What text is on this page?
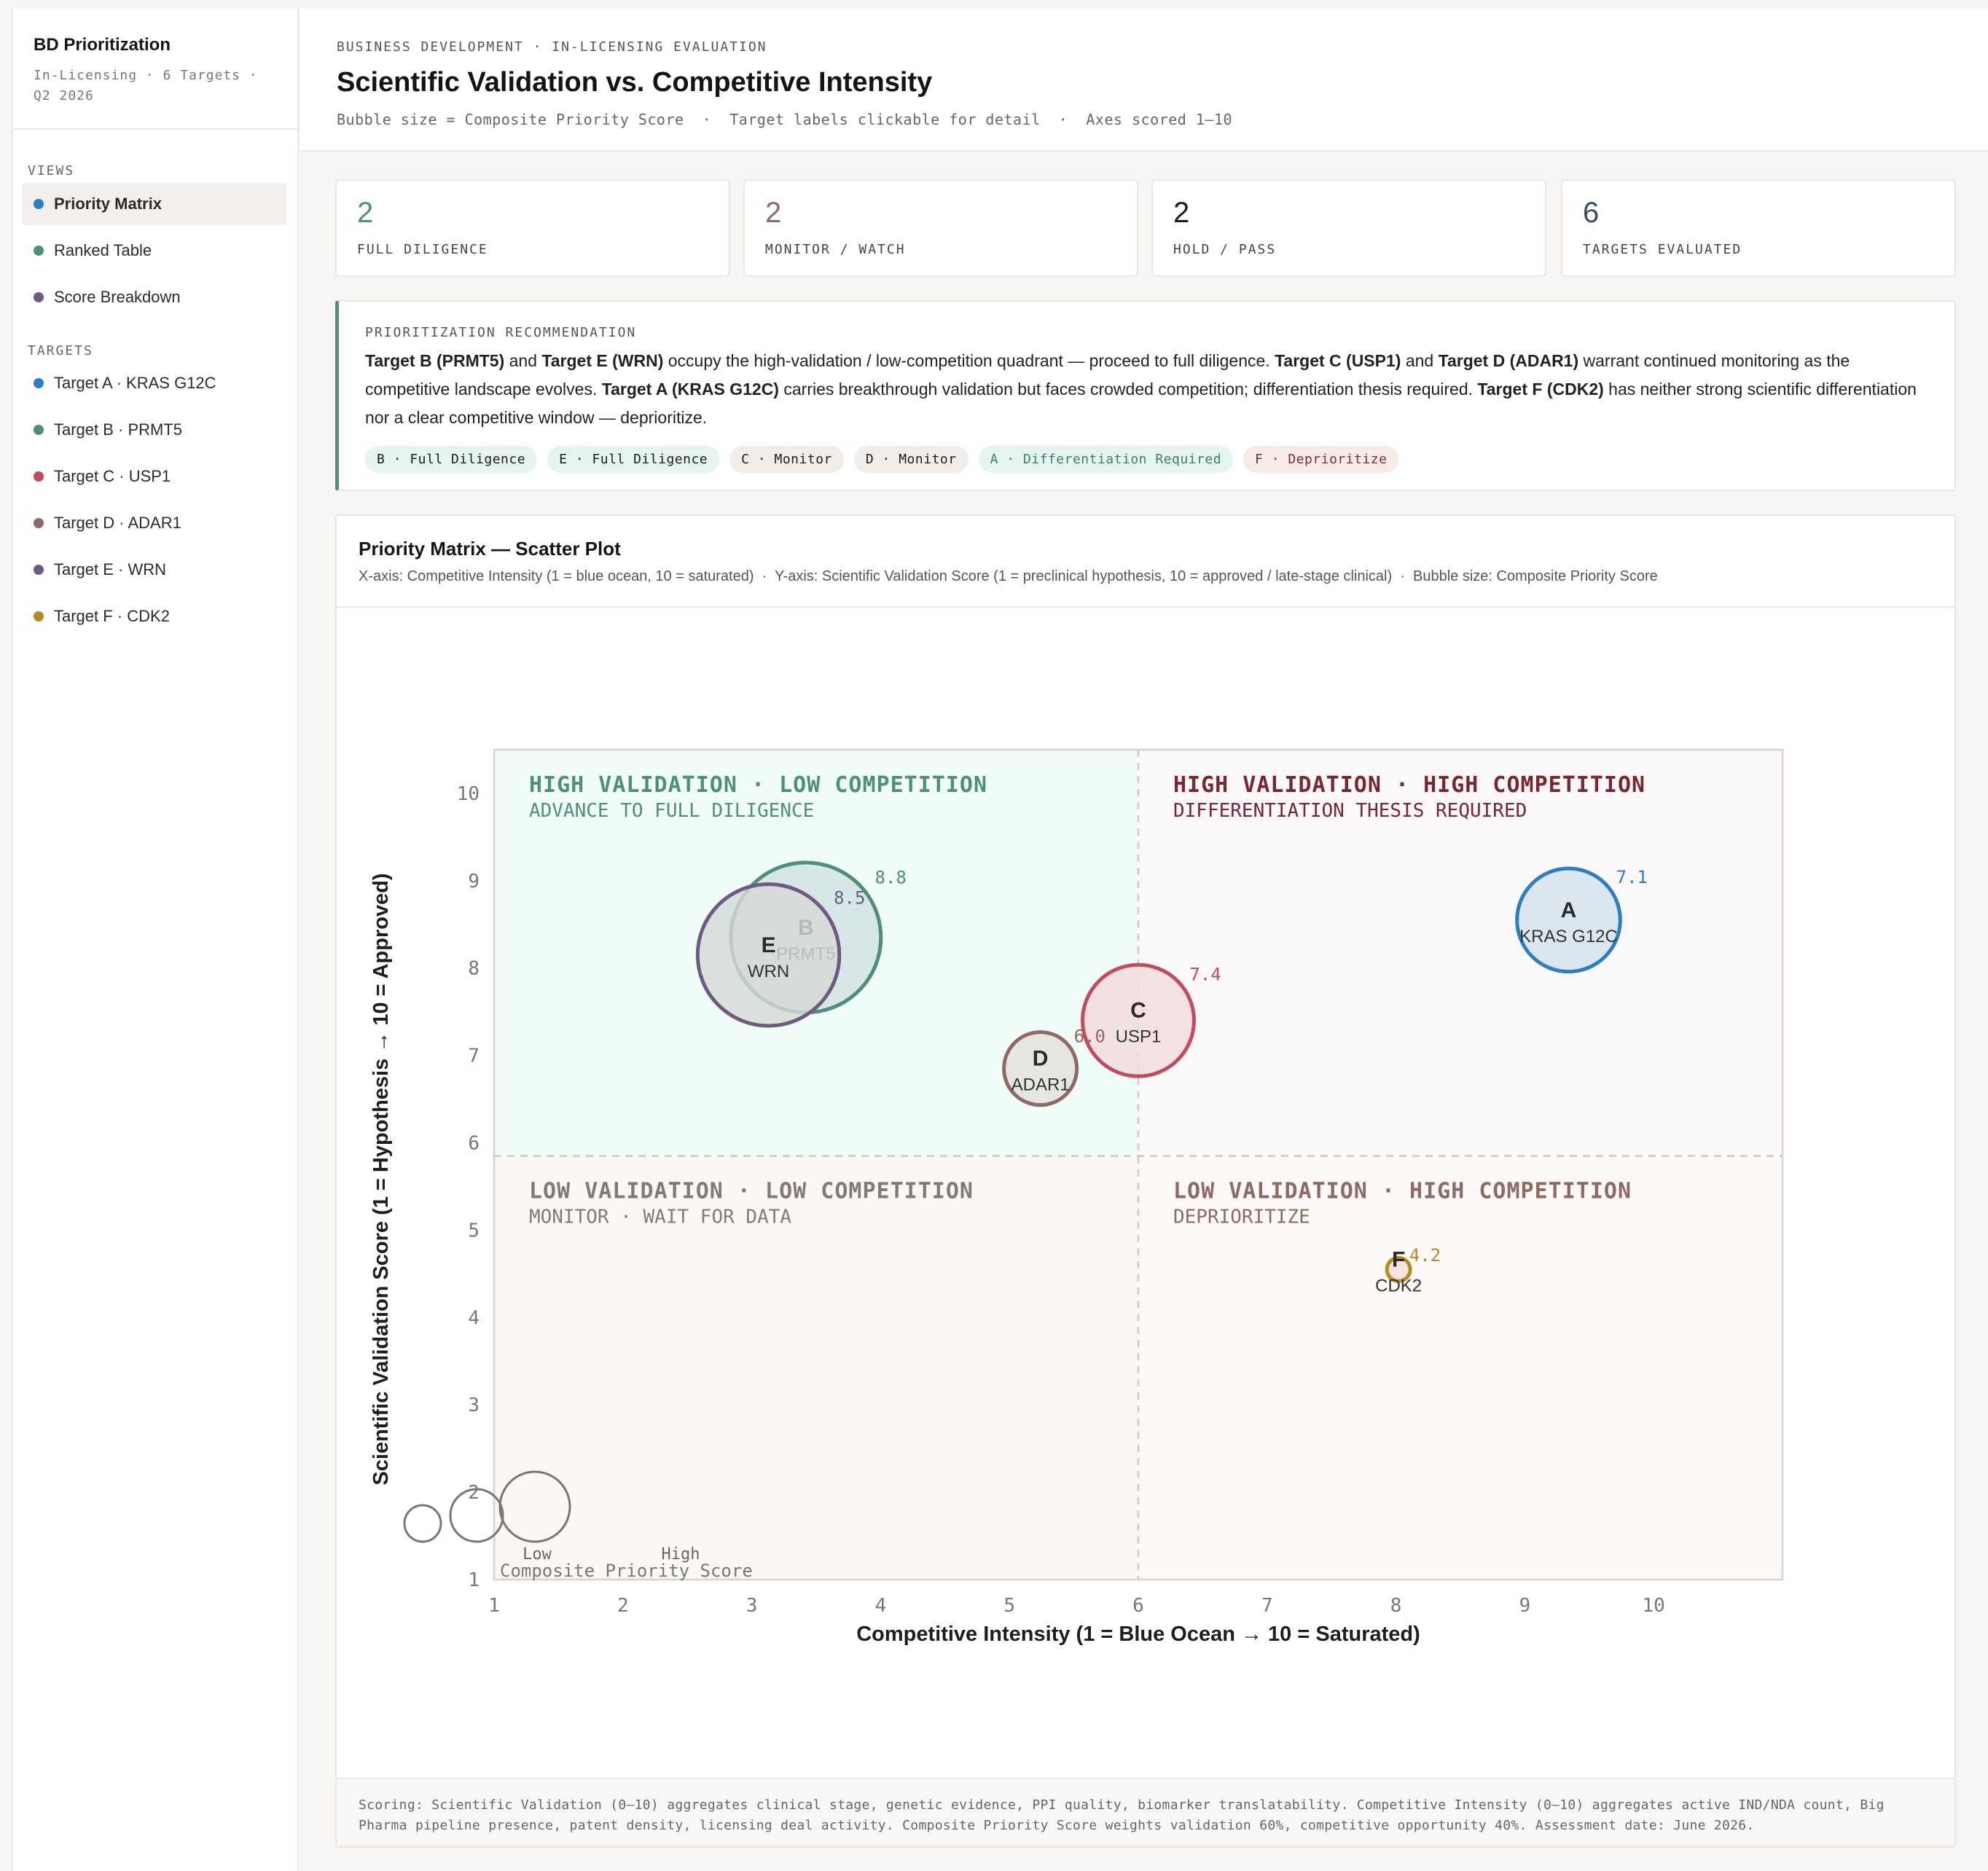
BD Prioritization
In-Licensing · 6 Targets · Q2 2026
VIEWS
Priority Matrix
Ranked Table
Score Breakdown
TARGETS
Target A · KRAS G12C
Target B · PRMT5
Target C · USP1
Target D · ADAR1
Target E · WRN
Target F · CDK2
BUSINESS DEVELOPMENT · IN-LICENSING EVALUATION
Scientific Validation vs. Competitive Intensity
Bubble size = Composite Priority Score  ·  Target labels clickable for detail  ·  Axes scored 1–10
2
FULL DILIGENCE
2
MONITOR / WATCH
2
HOLD / PASS
6
TARGETS EVALUATED
PRIORITIZATION RECOMMENDATION

Target B (PRMT5) and Target E (WRN) occupy the high-validation / low-competition quadrant — proceed to full diligence. Target C (USP1) and Target D (ADAR1) warrant continued monitoring as the competitive landscape evolves. Target A (KRAS G12C) carries breakthrough validation but faces crowded competition; differentiation thesis required. Target F (CDK2) has neither strong scientific differentiation nor a clear competitive window — deprioritize.

B · Full Diligence	E · Full Diligence	C · Monitor	D · Monitor	A · Differentiation Required	F · Deprioritize
Priority Matrix — Scatter Plot
X-axis: Competitive Intensity (1 = blue ocean, 10 = saturated)  ·  Y-axis: Scientific Validation Score (1 = preclinical hypothesis, 10 = approved / late-stage clinical)  ·  Bubble size: Composite Priority Score
HIGH VALIDATION · LOW COMPETITION
ADVANCE TO FULL DILIGENCE
HIGH VALIDATION · HIGH COMPETITION
DIFFERENTIATION THESIS REQUIRED
LOW VALIDATION · LOW COMPETITION
MONITOR · WAIT FOR DATA
LOW VALIDATION · HIGH COMPETITION
DEPRIORITIZE
1	2	3	4	5	6	7	8	9	10
1
2
3
4
5
6
7
8
9
10
Competitive Intensity (1 = Blue Ocean → 10 = Saturated)
Scientific Validation Score (1 = Hypothesis → 10 = Approved)	8.8
E
WRN
8.5
C
USP1
7.4
A
KRAS G12C
7.1
D
ADAR1
6.0
F
CDK2
4.2
Low	High
Composite Priority Score
Scoring: Scientific Validation (0–10) aggregates clinical stage, genetic evidence, PPI quality, biomarker translatability. Competitive Intensity (0–10) aggregates active IND/NDA count, Big Pharma pipeline presence, patent density, licensing deal activity. Composite Priority Score weights validation 60%, competitive opportunity 40%. Assessment date: June 2026.
